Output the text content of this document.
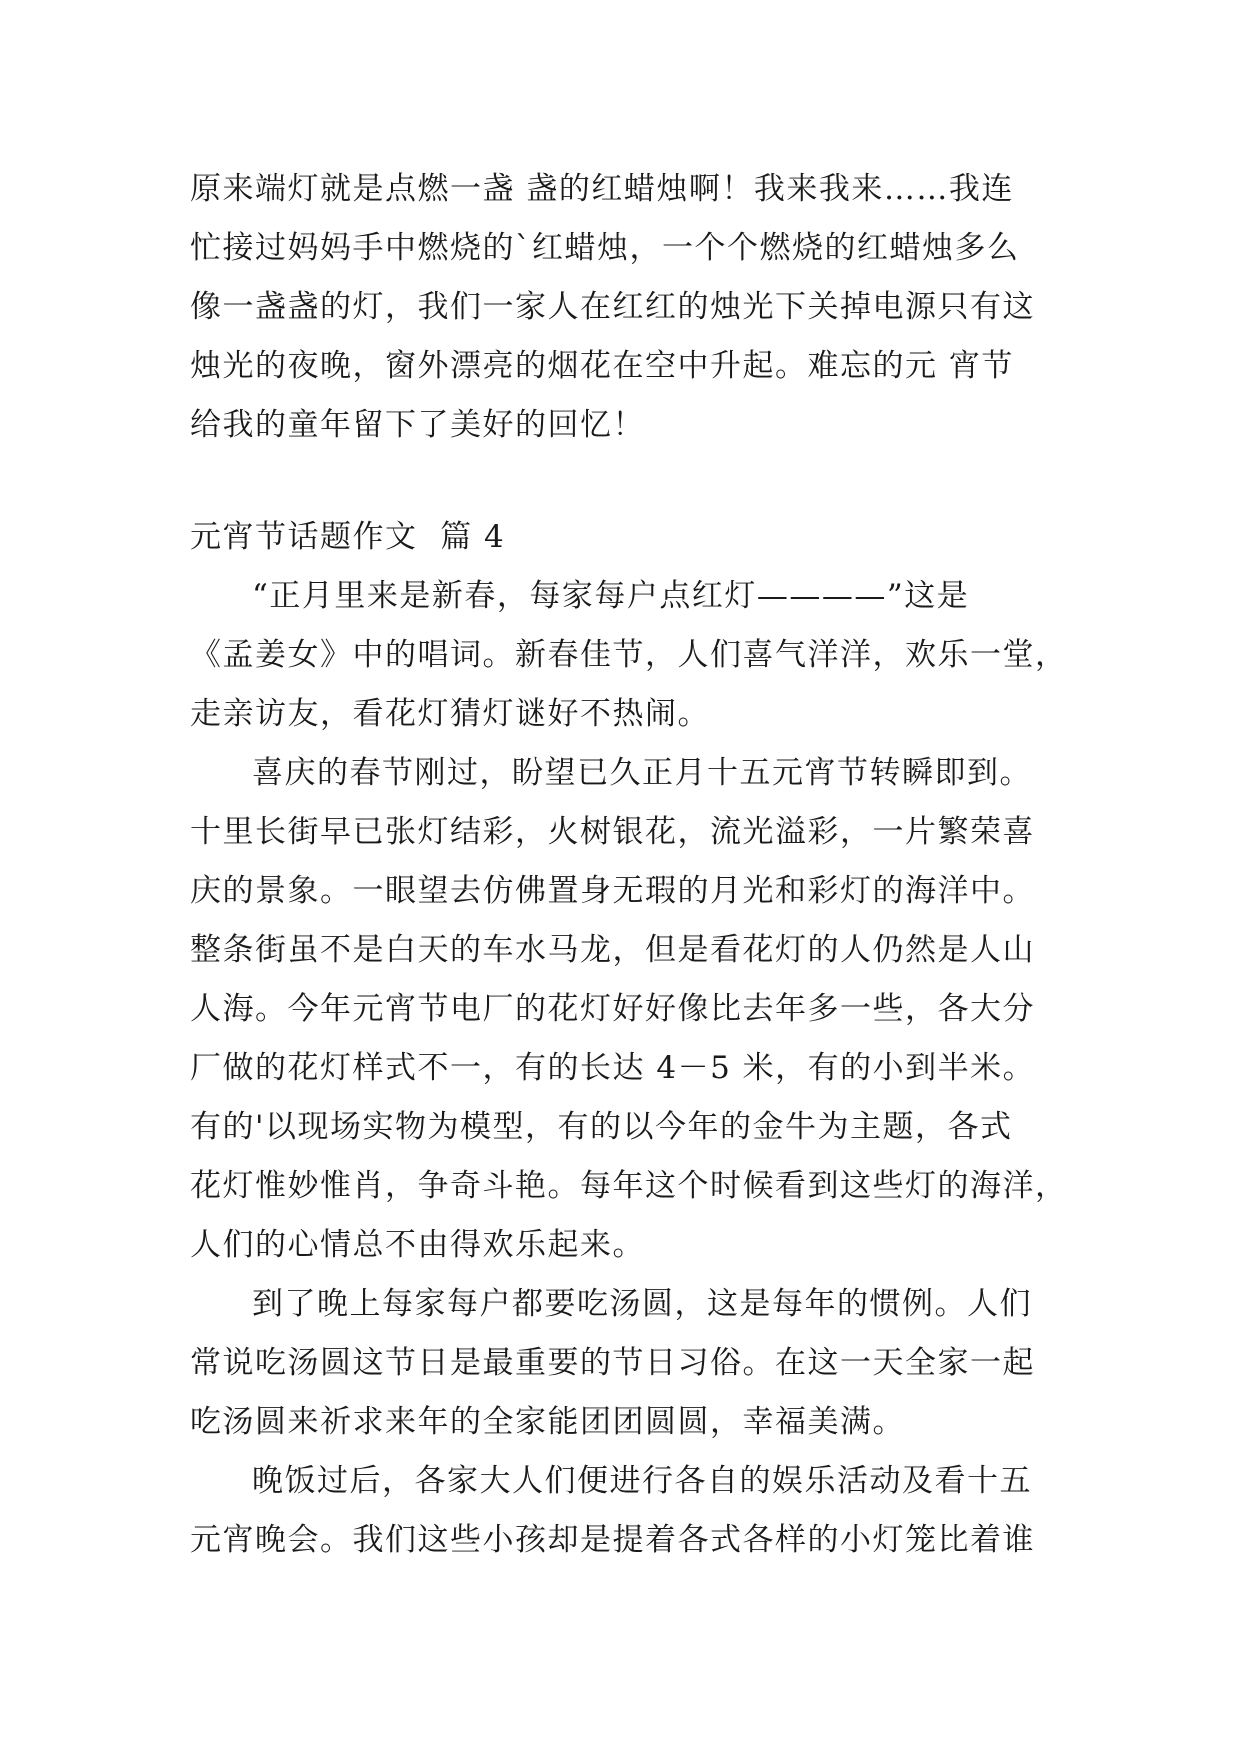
原来端灯就是点燃一盏 盏的红蜡烛啊！我来我来……我连
忙接过妈妈手中燃烧的`红蜡烛，一个个燃烧的红蜡烛多么
像一盏盏的灯，我们一家人在红红的烛光下关掉电源只有这
烛光的夜晚，窗外漂亮的烟花在空中升起。难忘的元 宵节
给我的童年留下了美好的回忆！

元宵节话题作文  篇 4

“正月里来是新春，每家每户点红灯————”这是

《孟姜女》中的唱词。新春佳节，人们喜气洋洋，欢乐一堂，
走亲访友，看花灯猜灯谜好不热闹。

喜庆的春节刚过，盼望已久正月十五元宵节转瞬即到。

十里长街早已张灯结彩，火树银花，流光溢彩，一片繁荣喜
庆的景象。一眼望去仿佛置身无瑕的月光和彩灯的海洋中。
整条街虽不是白天的车水马龙，但是看花灯的人仍然是人山
人海。今年元宵节电厂的花灯好好像比去年多一些，各大分
厂做的花灯样式不一，有的长达 4－5 米，有的小到半米。
有的'以现场实物为模型，有的以今年的金牛为主题，各式
花灯惟妙惟肖，争奇斗艳。每年这个时候看到这些灯的海洋，
人们的心情总不由得欢乐起来。

到了晚上每家每户都要吃汤圆，这是每年的惯例。人们

常说吃汤圆这节日是最重要的节日习俗。在这一天全家一起
吃汤圆来祈求来年的全家能团团圆圆，幸福美满。

晚饭过后，各家大人们便进行各自的娱乐活动及看十五

元宵晚会。我们这些小孩却是提着各式各样的小灯笼比着谁
